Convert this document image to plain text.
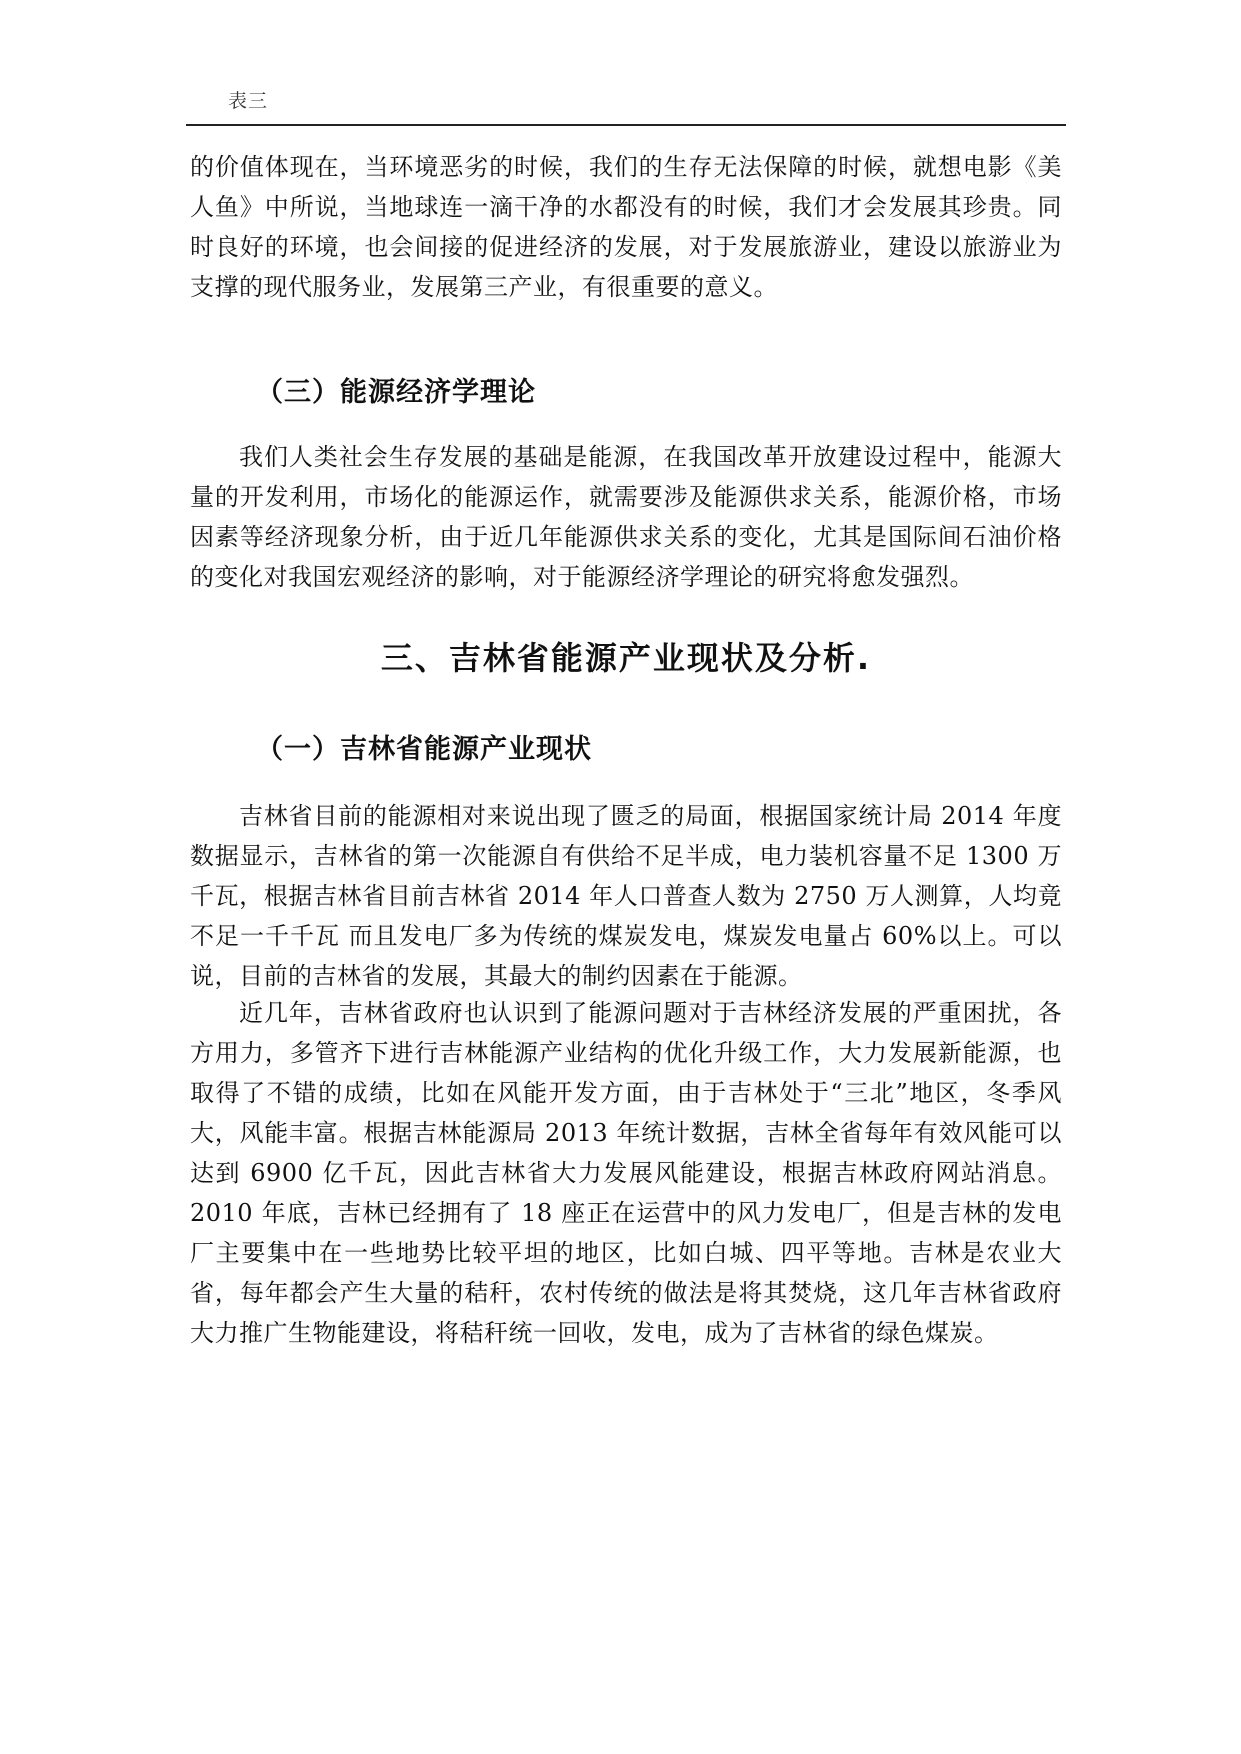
表三

的价值体现在，当环境恶劣的时候，我们的生存无法保障的时候，就想电影《美人鱼》中所说，当地球连一滴干净的水都没有的时候，我们才会发展其珍贵。同时良好的环境，也会间接的促进经济的发展，对于发展旅游业，建设以旅游业为支撑的现代服务业，发展第三产业，有很重要的意义。

（三）能源经济学理论

我们人类社会生存发展的基础是能源，在我国改革开放建设过程中，能源大量的开发利用，市场化的能源运作，就需要涉及能源供求关系，能源价格，市场因素等经济现象分析，由于近几年能源供求关系的变化，尤其是国际间石油价格的变化对我国宏观经济的影响，对于能源经济学理论的研究将愈发强烈。

三、吉林省能源产业现状及分析.
（一）吉林省能源产业现状

吉林省目前的能源相对来说出现了匮乏的局面，根据国家统计局 2014 年度数据显示，吉林省的第一次能源自有供给不足半成，电力装机容量不足 1300 万千瓦，根据吉林省目前吉林省 2014 年人口普查人数为 2750 万人测算，人均竟不足一千千瓦 而且发电厂多为传统的煤炭发电，煤炭发电量占 60%以上。可以说，目前的吉林省的发展，其最大的制约因素在于能源。

近几年，吉林省政府也认识到了能源问题对于吉林经济发展的严重困扰，各方用力，多管齐下进行吉林能源产业结构的优化升级工作，大力发展新能源，也取得了不错的成绩，比如在风能开发方面，由于吉林处于“三北”地区，冬季风大，风能丰富。根据吉林能源局 2013 年统计数据，吉林全省每年有效风能可以达到 6900 亿千瓦，因此吉林省大力发展风能建设，根据吉林政府网站消息。2010 年底，吉林已经拥有了 18 座正在运营中的风力发电厂，但是吉林的发电厂主要集中在一些地势比较平坦的地区，比如白城、四平等地。吉林是农业大省，每年都会产生大量的秸秆，农村传统的做法是将其焚烧，这几年吉林省政府大力推广生物能建设，将秸秆统一回收，发电，成为了吉林省的绿色煤炭。
